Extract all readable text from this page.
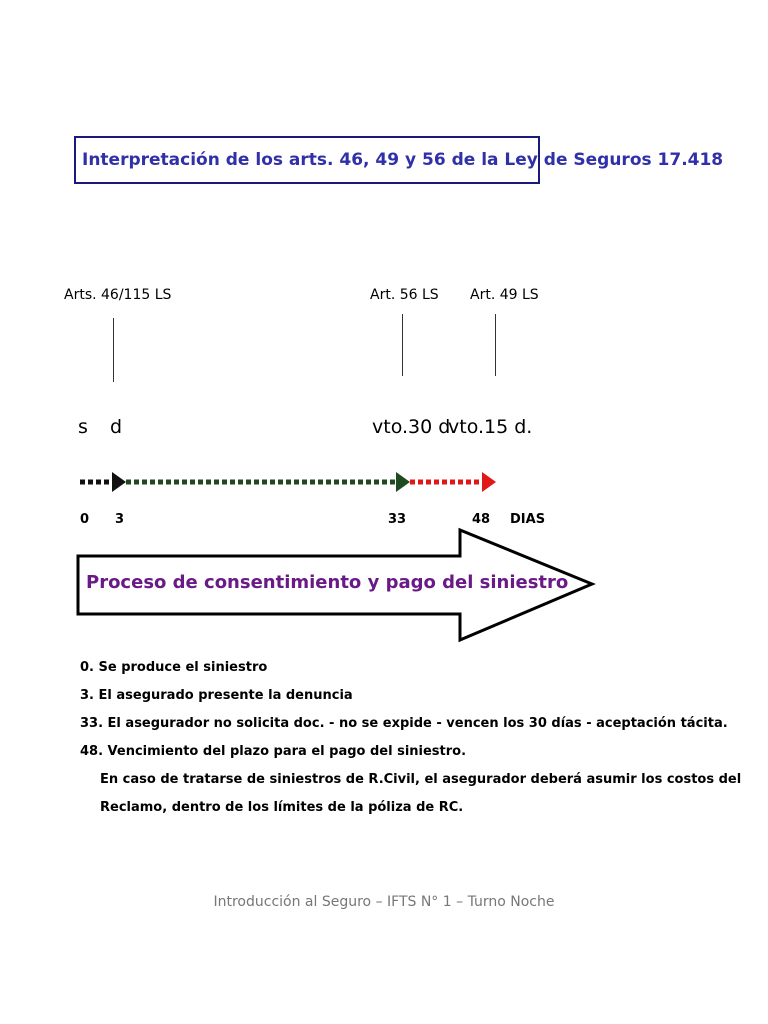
Interpretación de los arts. 46, 49 y 56 de la Ley de Seguros 17.418
Arts. 46/115 LS	Art. 56 LS Art. 49 LS
s d	vto.30 d.
vto.15 d.
0 3	33	48 DIAS
Proceso de consentimiento y pago del siniestro
0. Se produce el siniestro
3. El asegurado presente la denuncia
33. El asegurador no solicita doc. - no se expide - vencen los 30 días - aceptación tácita.
48. Vencimiento del plazo para el pago del siniestro.
En caso de tratarse de siniestros de R.Civil, el asegurador deberá asumir los costos del
Reclamo, dentro de los límites de la póliza de RC.
Introducción al Seguro – IFTS N° 1 – Turno Noche
